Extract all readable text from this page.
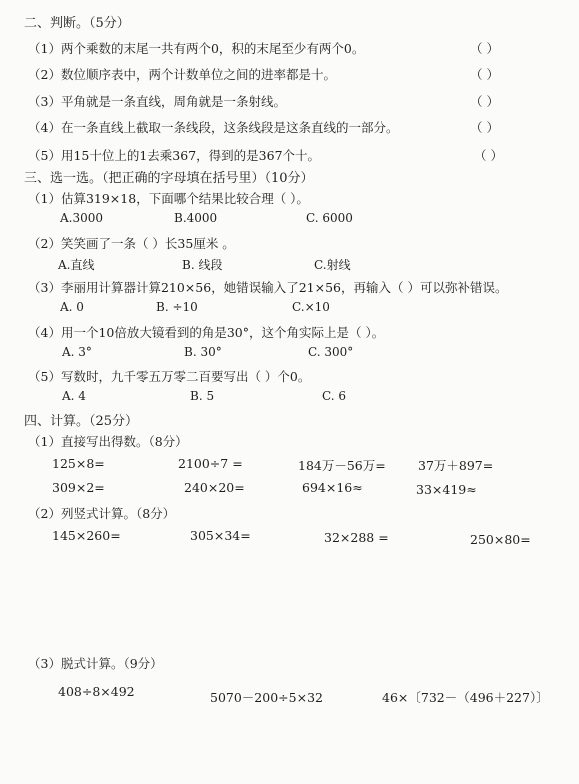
二、判断。（5分）
（1）两个乘数的末尾一共有两个0，积的末尾至少有两个0。	（ ）
（2）数位顺序表中，两个计数单位之间的进率都是十。	（ ）
（3）平角就是一条直线，周角就是一条射线。	（ ）
（4）在一条直线上截取一条线段，这条线段是这条直线的一部分。	（ ）
（5）用15十位上的1去乘367，得到的是367个十。	（ ）
三、选一选。（把正确的字母填在括号里）（10分）
（1）估算319×18，下面哪个结果比较合理（ ）。
A.3000	B.4000	C. 6000
（2）笑笑画了一条（ ）长35厘米 。
A.直线	B. 线段	C.射线
（3）李丽用计算器计算210×56，她错误输入了21×56，再输入（ ）可以弥补错误。
A. 0	B. ÷10	C.×10
（4）用一个10倍放大镜看到的角是30°，这个角实际上是（ ）。
A. 3°	B. 30°	C. 300°
（5）写数时，九千零五万零二百要写出（ ）个0。
A. 4	B. 5	C. 6
四、计算。（25分）
（1）直接写出得数。（8分）
125×8=	2100÷7 =	184万－56万=	37万＋897=
309×2=	240×20=	694×16≈	33×419≈
（2）列竖式计算。（8分）
145×260=	305×34=	32×288 =	250×80=
（3）脱式计算。（9分）
408÷8×492	5070－200÷5×32	46×〔732－（496＋227）〕
